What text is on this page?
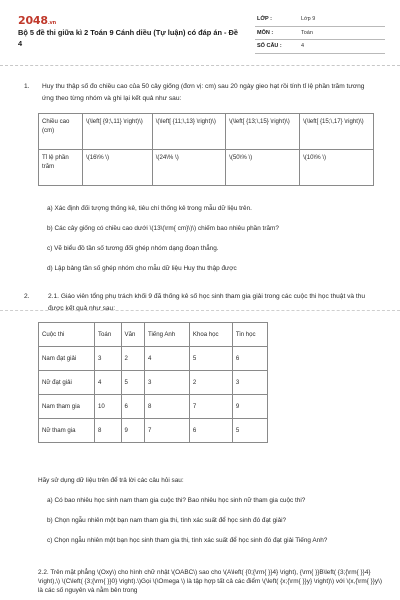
2048.vn
Bộ 5 đề thi giữa kì 2 Toán 9 Cánh diều (Tự luận) có đáp án - Đề 4
LỚP :	Lớp 9
MÔN :	Toán
SỐ CÂU :	4
1. Huy thu thập số đo chiều cao của 50 cây giống (đơn vị: cm) sau 20 ngày gieo hạt rồi tính tỉ lệ phần trăm tương ứng theo từng nhóm và ghi lại kết quả như sau:
Chiều cao (cm)	\(\left[ {9;\,11} \right)\)	\(\left[ {11;\,13} \right)\)	\(\left[ {13;\,15} \right)\)	\(\left[ {15;\,17} \right)\)
Tỉ lệ phần trăm	\(16\% \)	\(24\% \)	\(50\% \)	\(10\% \)
a) Xác định đối tượng thống kê, tiêu chí thống kê trong mẫu dữ liệu trên.
b) Các cây giống có chiều cao dưới \(13\(\rm{ cm}\)\) chiếm bao nhiêu phần trăm?
c) Vẽ biểu đồ tần số tương đối ghép nhóm dạng đoạn thẳng.
d) Lập bảng tần số ghép nhóm cho mẫu dữ liệu Huy thu thập được
2.	2.1. Giáo viên tổng phụ trách khối 9 đã thống kê số học sinh tham gia giải trong các cuộc thi học thuật và thu được kết quả như sau:
Cuộc thi	Toán	Văn	Tiếng Anh	Khoa học	Tin học
Nam đạt giải	3	2	4	5	6
Nữ đạt giải	4	5	3	2	3
Nam tham gia	10	6	8	7	9
Nữ tham gia	8	9	7	6	5
Hãy sử dụng dữ liệu trên để trả lời các câu hỏi sau:
a) Có bao nhiêu học sinh nam tham gia cuộc thi? Bao nhiêu học sinh nữ tham gia cuộc thi?
b) Chọn ngẫu nhiên một bạn nam tham gia thi, tính xác suất để học sinh đó đạt giải?
c) Chọn ngẫu nhiên một bạn học sinh tham gia thi, tính xác suất để học sinh đó đạt giải Tiếng Anh?
2.2. Trên mặt phẳng \(Oxy\) cho hình chữ nhật \(OABC\) sao cho \(A\left( {0;{\rm{ }}4} \right), {\rm{ }}B\left( {3;{\rm{ }}4} \right),\) \(C\left( {3;{\rm{ }}0} \right).\)Gọi \(\Omega \) là tập hợp tất cả các điểm \(\left( {x;{\rm{ }}y} \right)\) với \(x,{\rm{ }}y\) là các số nguyên và nằm bên trong
